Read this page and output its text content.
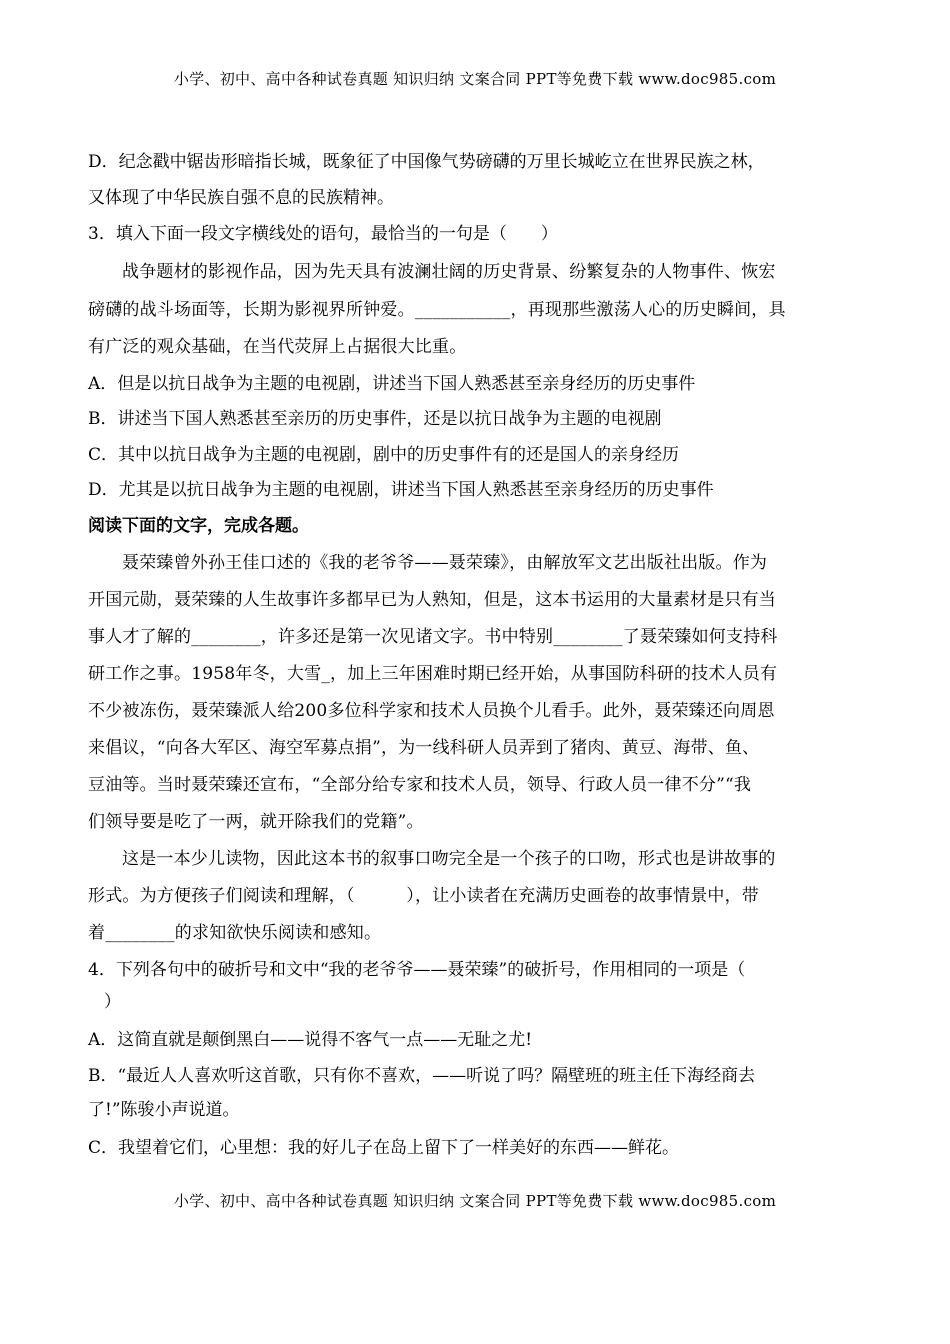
小学、初中、高中各种试卷真题 知识归纳 文案合同 PPT等免费下载 www.doc985.com
D．纪念戳中锯齿形暗指长城，既象征了中国像气势磅礴的万里长城屹立在世界民族之林，
又体现了中华民族自强不息的民族精神。
3．填入下面一段文字横线处的语句，最恰当的一句是（　　）
战争题材的影视作品，因为先天具有波澜壮阔的历史背景、纷繁复杂的人物事件、恢宏
磅礴的战斗场面等，长期为影视界所钟爱。___________，再现那些激荡人心的历史瞬间，具
有广泛的观众基础，在当代荧屏上占据很大比重。
A．但是以抗日战争为主题的电视剧，讲述当下国人熟悉甚至亲身经历的历史事件
B．讲述当下国人熟悉甚至亲历的历史事件，还是以抗日战争为主题的电视剧
C．其中以抗日战争为主题的电视剧，剧中的历史事件有的还是国人的亲身经历
D．尤其是以抗日战争为主题的电视剧，讲述当下国人熟悉甚至亲身经历的历史事件
阅读下面的文字，完成各题。
聂荣臻曾外孙王佳口述的《我的老爷爷——聂荣臻》，由解放军文艺出版社出版。作为
开国元勋，聂荣臻的人生故事许多都早已为人熟知，但是，这本书运用的大量素材是只有当
事人才了解的________，许多还是第一次见诸文字。书中特别________了聂荣臻如何支持科
研工作之事。1958年冬，大雪_，加上三年困难时期已经开始，从事国防科研的技术人员有
不少被冻伤，聂荣臻派人给200多位科学家和技术人员换个儿看手。此外，聂荣臻还向周恩
来倡议，“向各大军区、海空军募点捐”，为一线科研人员弄到了猪肉、黄豆、海带、鱼、
豆油等。当时聂荣臻还宣布，“全部分给专家和技术人员，领导、行政人员一律不分”“我
们领导要是吃了一两，就开除我们的党籍”。
这是一本少儿读物，因此这本书的叙事口吻完全是一个孩子的口吻，形式也是讲故事的
形式。为方便孩子们阅读和理解，（　　　），让小读者在充满历史画卷的故事情景中，带
着________的求知欲快乐阅读和感知。
4．下列各句中的破折号和文中“我的老爷爷——聂荣臻”的破折号，作用相同的一项是（
）
A．这简直就是颠倒黑白——说得不客气一点——无耻之尤!
B．“最近人人喜欢听这首歌，只有你不喜欢，——听说了吗？隔壁班的班主任下海经商去
了!”陈骏小声说道。
C．我望着它们，心里想：我的好儿子在岛上留下了一样美好的东西——鲜花。
小学、初中、高中各种试卷真题 知识归纳 文案合同 PPT等免费下载 www.doc985.com
